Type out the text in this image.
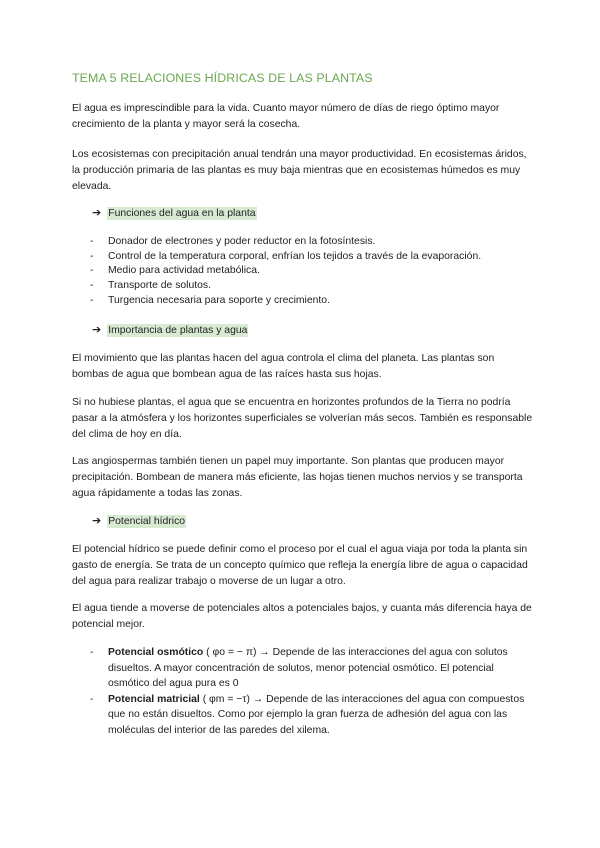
TEMA 5 RELACIONES HÍDRICAS DE LAS PLANTAS

El agua es imprescindible para la vida. Cuanto mayor número de días de riego óptimo mayor crecimiento de la planta y mayor será la cosecha.

Los ecosistemas con precipitación anual tendrán una mayor productividad. En ecosistemas áridos, la producción primaria de las plantas es muy baja mientras que en ecosistemas húmedos es muy elevada.

➔ Funciones del agua en la planta
- Donador de electrones y poder reductor en la fotosíntesis.
- Control de la temperatura corporal, enfrían los tejidos a través de la evaporación.
- Medio para actividad metabólica.
- Transporte de solutos.
- Turgencia necesaria para soporte y crecimiento.
➔ Importancia de plantas y agua

El movimiento que las plantas hacen del agua controla el clima del planeta. Las plantas son bombas de agua que bombean agua de las raíces hasta sus hojas.

Si no hubiese plantas, el agua que se encuentra en horizontes profundos de la Tierra no podría pasar a la atmósfera y los horizontes superficiales se volverían más secos. También es responsable del clima de hoy en día.

Las angiospermas también tienen un papel muy importante. Son plantas que producen mayor precipitación. Bombean de manera más eficiente, las hojas tienen muchos nervios y se transporta agua rápidamente a todas las zonas.

➔ Potencial hídrico

El potencial hídrico se puede definir como el proceso por el cual el agua viaja por toda la planta sin gasto de energía. Se trata de un concepto químico que refleja la energía libre de agua o capacidad del agua para realizar trabajo o moverse de un lugar a otro.

El agua tiende a moverse de potenciales altos a potenciales bajos, y cuanta más diferencia haya de potencial mejor.

- Potencial osmótico ( φo = − π) → Depende de las interacciones del agua con solutos disueltos. A mayor concentración de solutos, menor potencial osmótico. El potencial osmótico del agua pura es 0
- Potencial matricial ( φm = −τ) → Depende de las interacciones del agua con compuestos que no están disueltos. Como por ejemplo la gran fuerza de adhesión del agua con las moléculas del interior de las paredes del xilema.
